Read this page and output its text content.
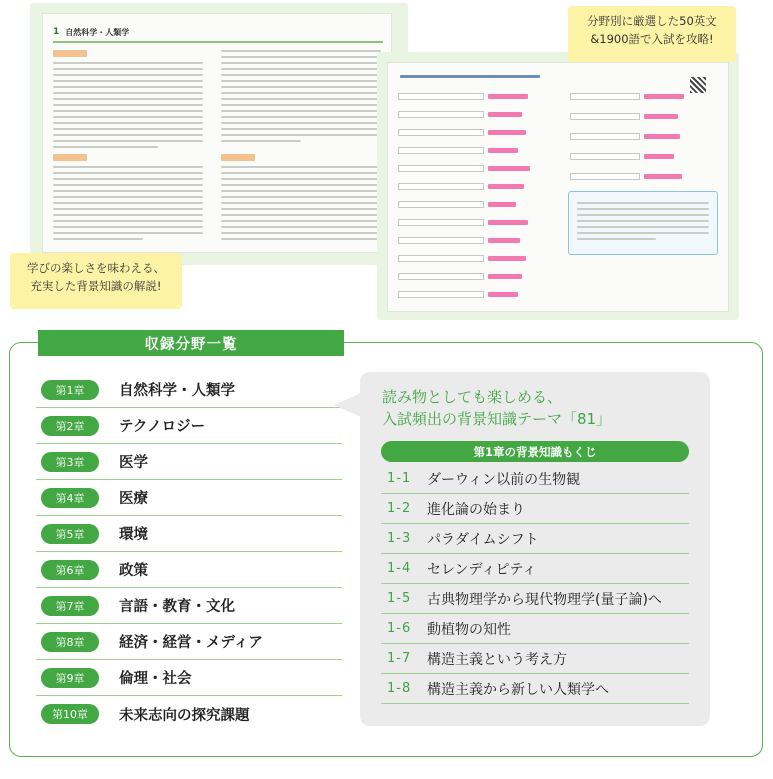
1 自然科学・人類学
分野別に厳選した50英文
&1900語で入試を攻略!
学びの楽しさを味わえる、
充実した背景知識の解説!
収録分野一覧
第1章	自然科学・人類学
第2章	テクノロジー
第3章	医学
第4章	医療
第5章	環境
第6章	政策
第7章	言語・教育・文化
第8章	経済・経営・メディア
第9章	倫理・社会
第10章	未来志向の探究課題
読み物としても楽しめる、
入試頻出の背景知識テーマ「81」
第1章の背景知識もくじ
1-1	ダーウィン以前の生物観
1-2	進化論の始まり
1-3	パラダイムシフト
1-4	セレンディピティ
1-5	古典物理学から現代物理学(量子論)へ
1-6	動植物の知性
1-7	構造主義という考え方
1-8	構造主義から新しい人類学へ
